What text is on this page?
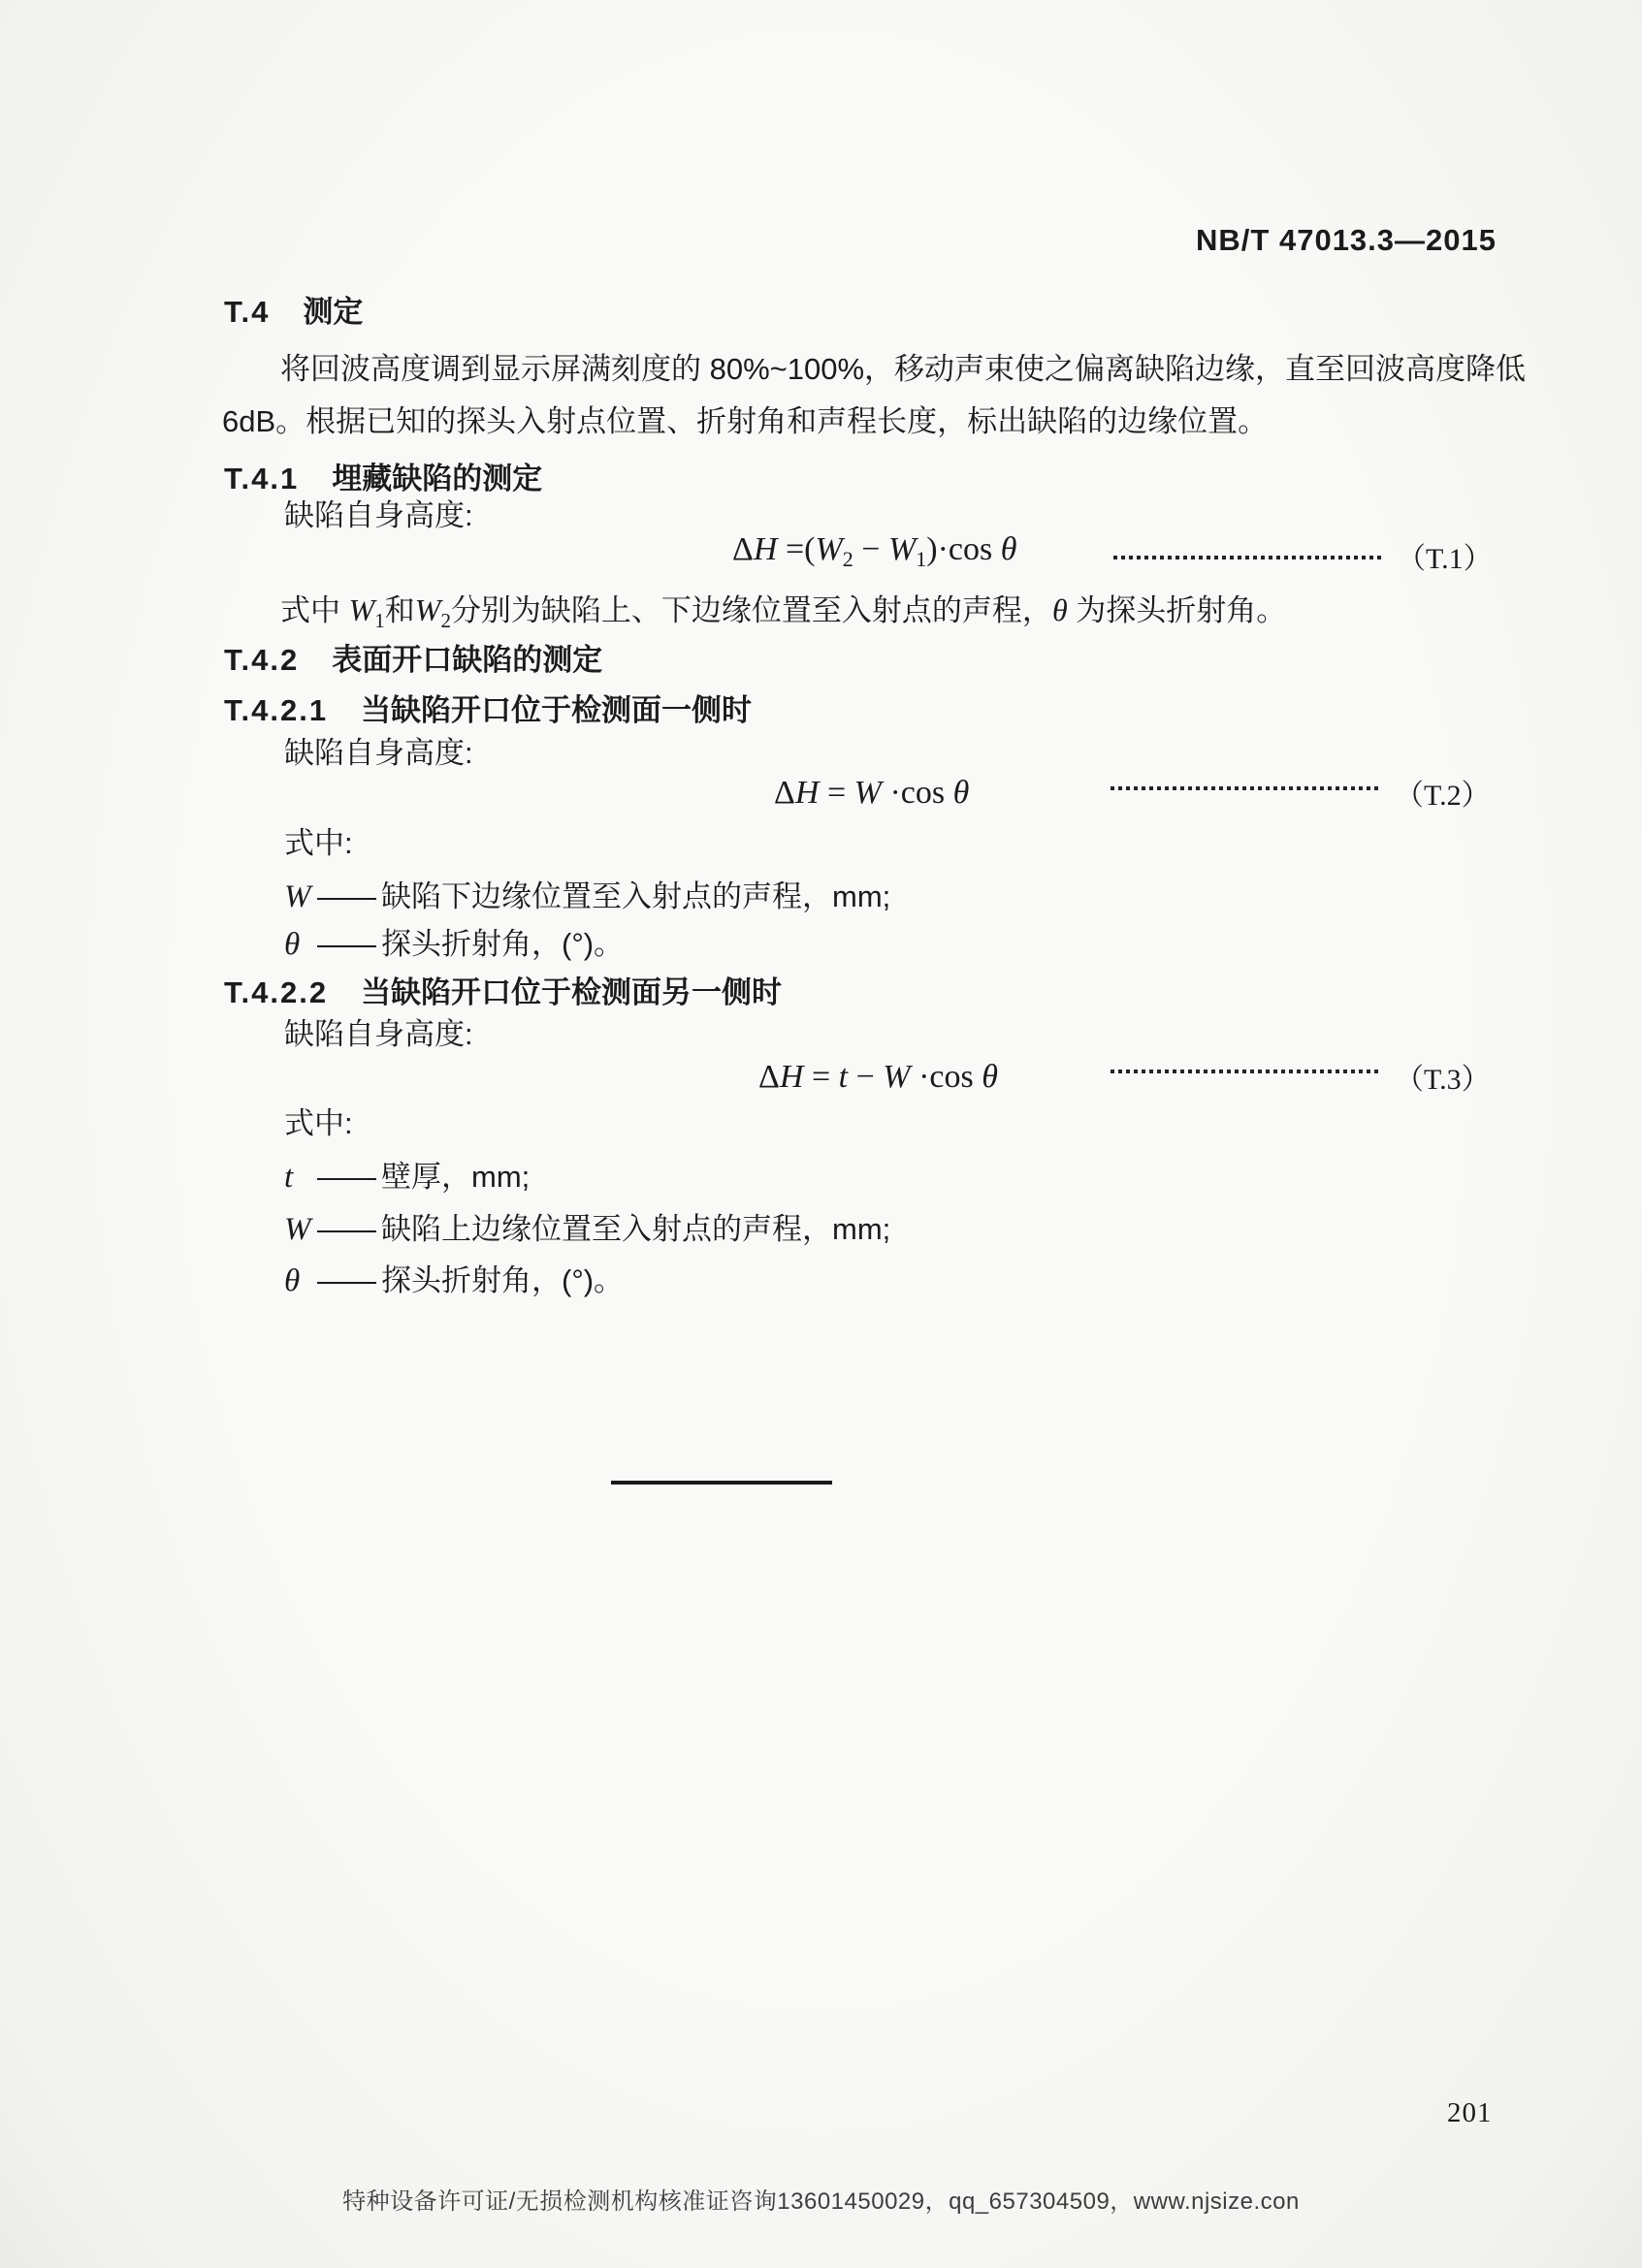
NB/T 47013.3—2015
T.4 测定
将回波高度调到显示屏满刻度的 80%~100%，移动声束使之偏离缺陷边缘，直至回波高度降低
6dB。根据已知的探头入射点位置、折射角和声程长度，标出缺陷的边缘位置。
T.4.1 埋藏缺陷的测定
缺陷自身高度:
$\Delta H =(W_2 - W_1)\cdot\cos$ θ	（T.1）
式中 $W_1$和$W_2$分别为缺陷上、下边缘位置至入射点的声程，θ 为探头折射角。
T.4.2 表面开口缺陷的测定
T.4.2.1 当缺陷开口位于检测面一侧时
缺陷自身高度:
ΔH = W ·cos θ	（T.2）
式中:
W —— 缺陷下边缘位置至入射点的声程，mm;
θ —— 探头折射角，(°)。
T.4.2.2 当缺陷开口位于检测面另一侧时
缺陷自身高度:
ΔH = t − W ·cos θ	（T.3）
式中:
t —— 壁厚，mm;
W —— 缺陷上边缘位置至入射点的声程，mm;
θ —— 探头折射角，(°)。
201
特种设备许可证/无损检测机构核准证咨询13601450029，qq_657304509，www.njsize.con
